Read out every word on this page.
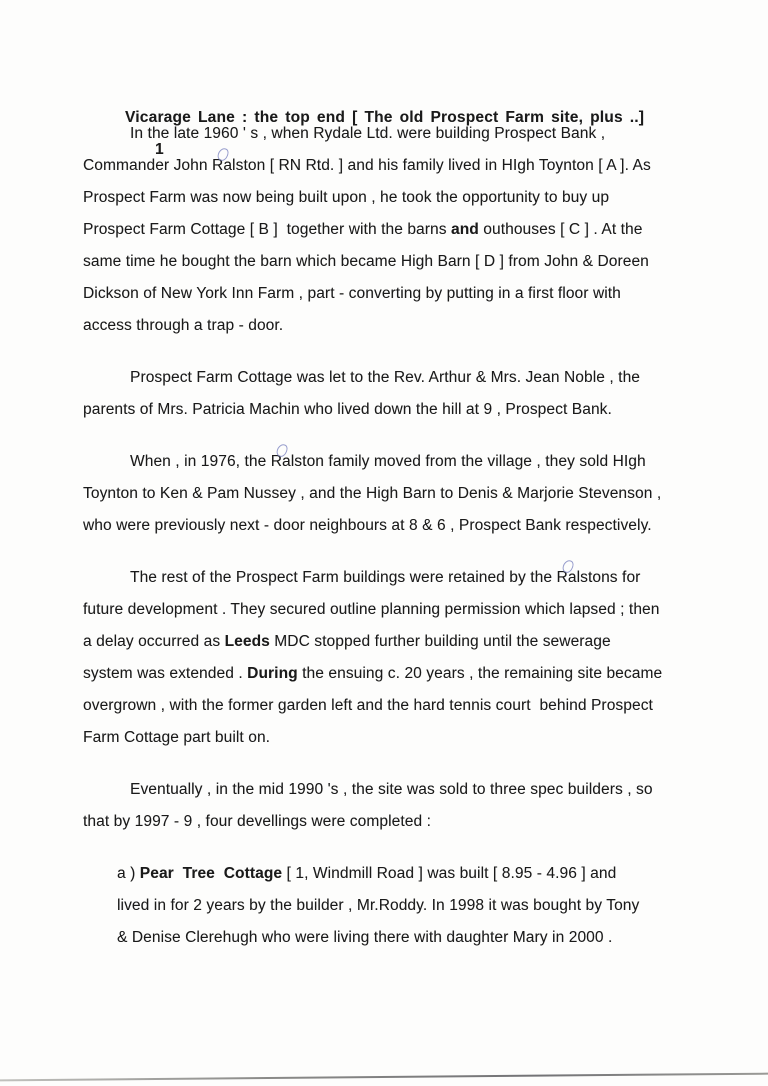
Vicarage Lane : the top end [ The old Prospect Farm site, plus ..]
1

In the late 1960 ' s , when Rydale Ltd. were building Prospect Bank ,
Commander John Ra
lston [ RN Rtd. ] and his family lived in HIgh Toynton [ A ]. As
Prospect Farm was now being built upon , he took the opportunity to buy up
Prospect Farm Cottage [ B ]  together with the barns and outhouses [ C ] . At the
same time he bought the barn which became High Barn [ D ] from John & Doreen
Dickson of New York Inn Farm , part - converting by putting in a first floor with
access through a trap - door.
Prospect Farm Cottage was let to the Rev. Arthur & Mrs. Jean Noble , the
parents of Mrs. Patricia Machin who lived down the hill at 9 , Prospect Bank.
When , in 1976, the Ra
lston family moved from the village , they sold HIgh
Toynton to Ken & Pam Nussey , and the High Barn to Denis & Marjorie Stevenson ,
who were previously next - door neighbours at 8 & 6 , Prospect Bank respectively.
The rest of the Prospect Farm buildings were retained by the Ra
lstons for
future development . They secured outline planning permission which lapsed ; then
a delay occurred as Leeds MDC stopped further building until the sewerage
system was extended . During the ensuing c. 20 years , the remaining site became
overgrown , with the former garden left and the hard tennis court  behind Prospect
Farm Cottage part built on.
Eventually , in the mid 1990 's , the site was sold to three spec builders , so
that by 1997 - 9 , four devellings were completed :
a ) Pear  Tree  Cottage [ 1, Windmill Road ] was built [ 8.95 - 4.96 ] and
lived in for 2 years by the builder , Mr.Roddy. In 1998 it was bought by Tony
& Denise Clerehugh who were living there with daughter Mary in 2000 .
